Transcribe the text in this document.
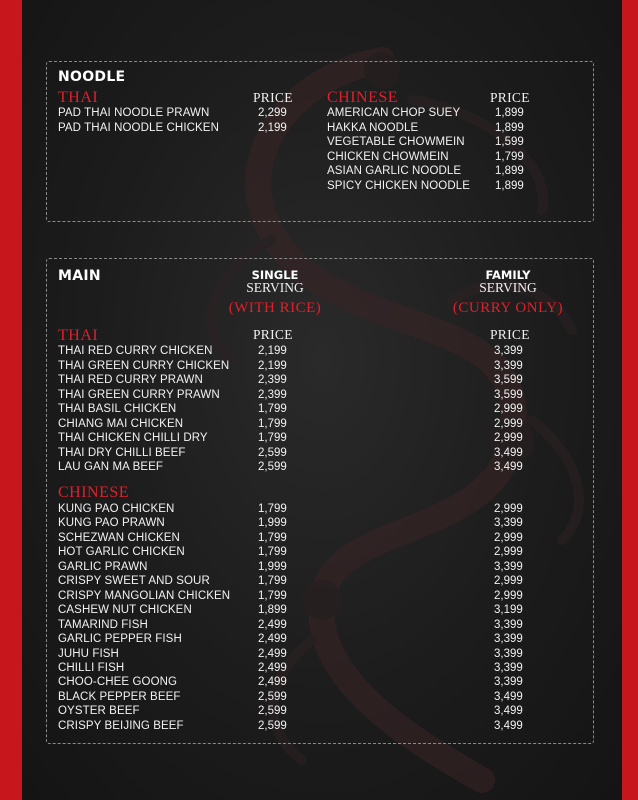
NOODLE
THAI	PRICE CHINESE	PRICE
PAD THAI NOODLE PRAWN	2,299
PAD THAI NOODLE CHICKEN	2,199
AMERICAN CHOP SUEY	1,899
HAKKA NOODLE	1,899
VEGETABLE CHOWMEIN	1,599
CHICKEN CHOWMEIN	1,799
ASIAN GARLIC NOODLE	1,899
SPICY CHICKEN NOODLE 1,899
MAIN	SINGLE
SERVING
(WITH RICE)
FAMILY
SERVING
(CURRY ONLY)
THAI	PRICE	PRICE
THAI RED CURRY CHICKEN	2,199	3,399
THAI GREEN CURRY CHICKEN 2,199	3,399
THAI RED CURRY PRAWN	2,399	3,599
THAI GREEN CURRY PRAWN	2,399	3,599
THAI BASIL CHICKEN	1,799	2,999
CHIANG MAI CHICKEN	1,799	2,999
THAI CHICKEN CHILLI DRY	1,799	2,999
THAI DRY CHILLI BEEF	2,599	3,499
LAU GAN MA BEEF	2,599	3,499
CHINESE
KUNG PAO CHICKEN	1,799	2,999
KUNG PAO PRAWN	1,999	3,399
SCHEZWAN CHICKEN	1,799	2,999
HOT GARLIC CHICKEN	1,799	2,999
GARLIC PRAWN	1,999	3,399
CRISPY SWEET AND SOUR	1,799	2,999
CRISPY MANGOLIAN CHICKEN 1,799	2,999
CASHEW NUT CHICKEN	1,899	3,199
TAMARIND FISH	2,499	3,399
GARLIC PEPPER FISH	2,499	3,399
JUHU FISH	2,499	3,399
CHILLI FISH	2,499	3,399
CHOO-CHEE GOONG	2,499	3,399
BLACK PEPPER BEEF	2,599	3,499
OYSTER BEEF	2,599	3,499
CRISPY BEIJING BEEF	2,599	3,499
